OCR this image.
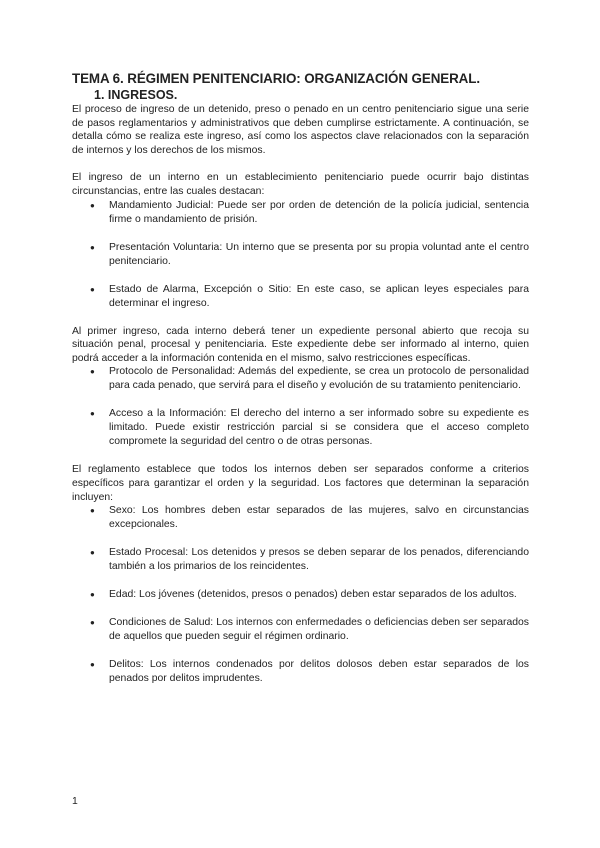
TEMA 6. RÉGIMEN PENITENCIARIO: ORGANIZACIÓN GENERAL.
1. INGRESOS.

El proceso de ingreso de un detenido, preso o penado en un centro penitenciario sigue una serie de pasos reglamentarios y administrativos que deben cumplirse estrictamente. A continuación, se detalla cómo se realiza este ingreso, así como los aspectos clave relacionados con la separación de internos y los derechos de los mismos.

El ingreso de un interno en un establecimiento penitenciario puede ocurrir bajo distintas circunstancias, entre las cuales destacan:

● Mandamiento Judicial: Puede ser por orden de detención de la policía judicial, sentencia firme o mandamiento de prisión.
● Presentación Voluntaria: Un interno que se presenta por su propia voluntad ante el centro penitenciario.
● Estado de Alarma, Excepción o Sitio: En este caso, se aplican leyes especiales para determinar el ingreso.

Al primer ingreso, cada interno deberá tener un expediente personal abierto que recoja su situación penal, procesal y penitenciaria. Este expediente debe ser informado al interno, quien podrá acceder a la información contenida en el mismo, salvo restricciones específicas.

● Protocolo de Personalidad: Además del expediente, se crea un protocolo de personalidad para cada penado, que servirá para el diseño y evolución de su tratamiento penitenciario.
● Acceso a la Información: El derecho del interno a ser informado sobre su expediente es limitado. Puede existir restricción parcial si se considera que el acceso completo compromete la seguridad del centro o de otras personas.

El reglamento establece que todos los internos deben ser separados conforme a criterios específicos para garantizar el orden y la seguridad. Los factores que determinan la separación incluyen:

● Sexo: Los hombres deben estar separados de las mujeres, salvo en circunstancias excepcionales.
● Estado Procesal: Los detenidos y presos se deben separar de los penados, diferenciando también a los primarios de los reincidentes.
● Edad: Los jóvenes (detenidos, presos o penados) deben estar separados de los adultos.
● Condiciones de Salud: Los internos con enfermedades o deficiencias deben ser separados de aquellos que pueden seguir el régimen ordinario.
● Delitos: Los internos condenados por delitos dolosos deben estar separados de los penados por delitos imprudentes.
1
